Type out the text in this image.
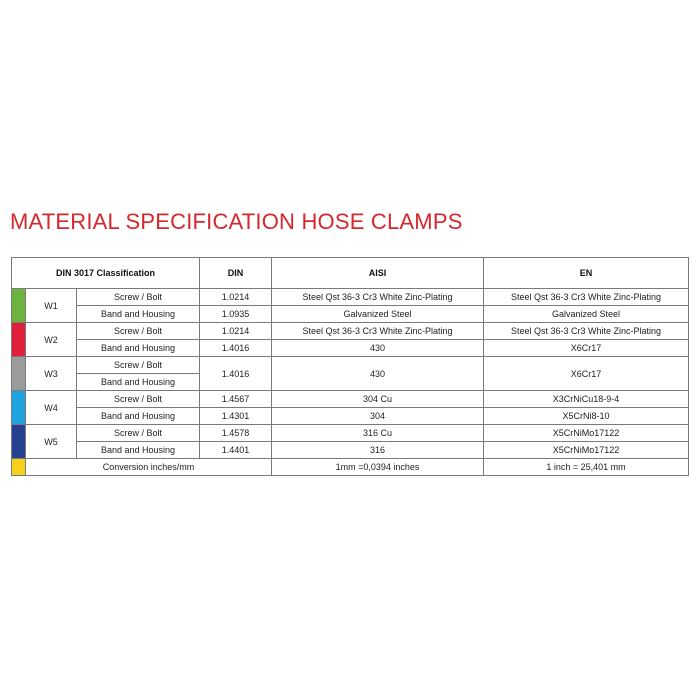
MATERIAL SPECIFICATION HOSE CLAMPS
DIN 3017 Classification			DIN	AISI	EN
	W1	Screw / Bolt	1.0214	Steel Qst 36-3 Cr3 White Zinc-Plating	Steel Qst 36-3 Cr3 White Zinc-Plating
		Band and Housing	1.0935	Galvanized Steel	Galvanized Steel
	W2	Screw / Bolt	1.0214	Steel Qst 36-3 Cr3 White Zinc-Plating	Steel Qst 36-3 Cr3 White Zinc-Plating
		Band and Housing	1.4016	430	X6Cr17
	W3	Screw / Bolt	1.4016	430	X6Cr17
		Band and Housing			
	W4	Screw / Bolt	1.4567	304 Cu	X3CrNiCu18-9-4
		Band and Housing	1.4301	304	X5CrNi8-10
	W5	Screw / Bolt	1.4578	316 Cu	X5CrNiMo17122
		Band and Housing	1.4401	316	X5CrNiMo17122
	Conversion inches/mm			1mm =0,0394 inches	1 inch = 25,401 mm
